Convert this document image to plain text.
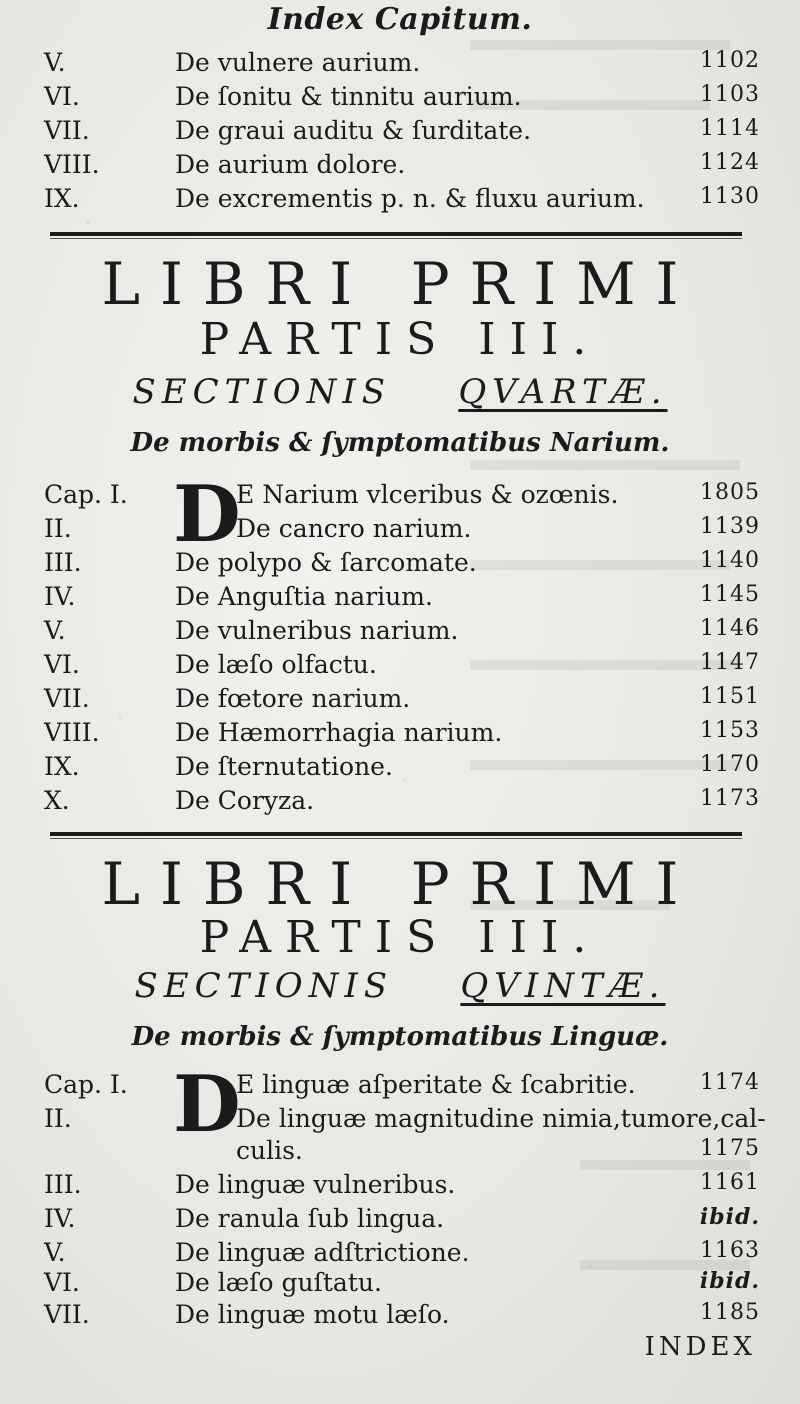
Index Capitum.
V.	De vulnere aurium.	1102
VI.	De ſonitu & tinnitu aurium.	1103
VII.	De graui auditu & ſurditate.	1114
VIII.	De aurium dolore.	1124
IX.	De excrementis p. n. & fluxu aurium.	1130
LIBRI PRIMI
PARTIS III.
SECTIONIS QVARTÆ.
De morbis & ſymptomatibus Narium.
D
Cap. I.	E Narium vlceribus & ozœnis.	1805
II.	De cancro narium.	1139
III.	De polypo & ſarcomate.	1140
IV.	De Anguſtia narium.	1145
V.	De vulneribus narium.	1146
VI.	De læſo olfactu.	1147
VII.	De fœtore narium.	1151
VIII.	De Hæmorrhagia narium.	1153
IX.	De ſternutatione.	1170
X.	De Coryza.	1173
LIBRI PRIMI
PARTIS III.
SECTIONIS QVINTÆ.
De morbis & ſymptomatibus Linguæ.
D
Cap. I.	E linguæ aſperitate & ſcabritie.	1174
II.	De linguæ magnitudine nimia,tumore,cal-
culis.	1175
III.	De linguæ vulneribus.	1161
IV.	De ranula ſub lingua.	ibid.
V.	De linguæ adſtrictione.	1163
VI.	De læſo guſtatu.	ibid.
VII.	De linguæ motu læſo.	1185
INDEX
